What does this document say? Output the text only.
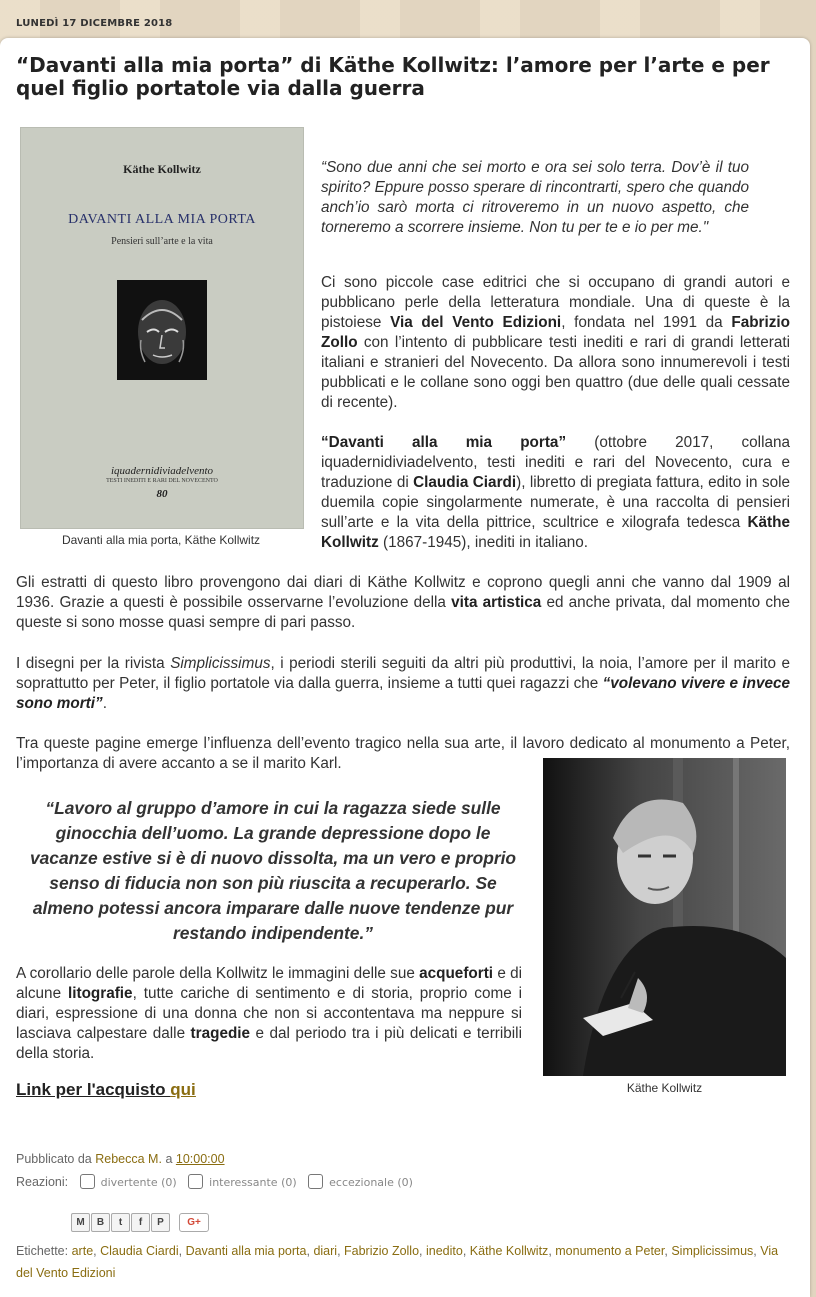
LUNEDÌ 17 DICEMBRE 2018
“Davanti alla mia porta” di Käthe Kollwitz: l’amore per l’arte e per quel figlio portatole via dalla guerra
Käthe Kollwitz
DAVANTI ALLA MIA PORTA
Pensieri sull’arte e la vita
iquadernidiviadelvento
TESTI INEDITI E RARI DEL NOVECENTO
80
Davanti alla mia porta, Käthe Kollwitz

“Sono due anni che sei morto e ora sei solo terra. Dov’è il tuo spirito? Eppure posso sperare di rincontrarti, spero che quando anch’io sarò morta ci ritroveremo in un nuovo aspetto, che torneremo a scorrere insieme. Non tu per te e io per me."

Ci sono piccole case editrici che si occupano di grandi autori e pubblicano perle della letteratura mondiale. Una di queste è la pistoiese Via del Vento Edizioni, fondata nel 1991 da Fabrizio Zollo con l’intento di pubblicare testi inediti e rari di grandi letterati italiani e stranieri del Novecento. Da allora sono innumerevoli i testi pubblicati e le collane sono oggi ben quattro (due delle quali cessate di recente).

“Davanti alla mia porta” (ottobre 2017, collana iquadernidiviadelvento, testi inediti e rari del Novecento, cura e traduzione di Claudia Ciardi), libretto di pregiata fattura, edito in sole duemila copie singolarmente numerate, è una raccolta di pensieri sull’arte e la vita della pittrice, scultrice e xilografa tedesca Käthe Kollwitz (1867-1945), inediti in italiano.

Gli estratti di questo libro provengono dai diari di Käthe Kollwitz e coprono quegli anni che vanno dal 1909 al 1936. Grazie a questi è possibile osservarne l’evoluzione della vita artistica ed anche privata, dal momento che queste si sono mosse quasi sempre di pari passo.

I disegni per la rivista Simplicissimus, i periodi sterili seguiti da altri più produttivi, la noia, l’amore per il marito e soprattutto per Peter, il figlio portatole via dalla guerra, insieme a tutti quei ragazzi che “volevano vivere e invece sono morti”.

Tra queste pagine emerge l’influenza dell’evento tragico nella sua arte, il lavoro dedicato al monumento a Peter, l’importanza di avere accanto a se il marito Karl.

Käthe Kollwitz

“Lavoro al gruppo d’amore in cui la ragazza siede sulle ginocchia dell’uomo. La grande depressione dopo le vacanze estive si è di nuovo dissolta, ma un vero e proprio senso di fiducia non son più riuscita a recuperarlo. Se almeno potessi ancora imparare dalle nuove tendenze pur restando indipendente.”

A corollario delle parole della Kollwitz le immagini delle sue acqueforti e di alcune litografie, tutte cariche di sentimento e di storia, proprio come i diari, espressione di una donna che non si accontentava ma neppure si lasciava calpestare dalle tragedie e dal periodo tra i più delicati e terribili della storia.

Link per l'acquisto qui
Pubblicato da Rebecca M. a 10:00:00
Reazioni:	divertente (0)	interessante (0)	eccezionale (0)
M	B	t	f	P	G+
Etichette: arte, Claudia Ciardi, Davanti alla mia porta, diari, Fabrizio Zollo, inedito, Käthe Kollwitz, monumento a Peter, Simplicissimus, Via del Vento Edizioni
